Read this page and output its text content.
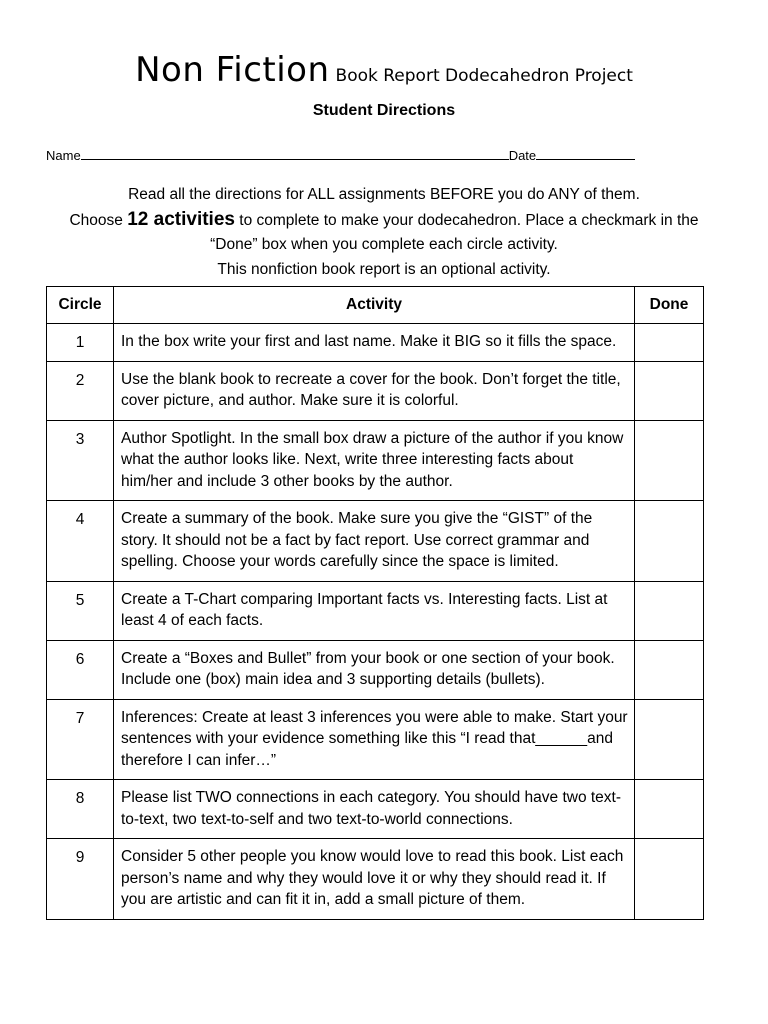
Non Fiction Book Report Dodecahedron Project
Student Directions
Name	Date
Read all the directions for ALL assignments BEFORE you do ANY of them.
Choose 12 activities to complete to make your dodecahedron. Place a checkmark in the
“Done” box when you complete each circle activity.
This nonfiction book report is an optional activity.
Circle	Activity	Done
1	In the box write your first and last name. Make it BIG so it fills the space.	
2	Use the blank book to recreate a cover for the book. Don’t forget the title, cover picture, and author. Make sure it is colorful.	
3	Author Spotlight. In the small box draw a picture of the author if you know what the author looks like. Next, write three interesting facts about him/her and include 3 other books by the author.	
4	Create a summary of the book. Make sure you give the “GIST” of the story. It should not be a fact by fact report. Use correct grammar and spelling. Choose your words carefully since the space is limited.	
5	Create a T-Chart comparing Important facts vs. Interesting facts. List at least 4 of each facts.	
6	Create a “Boxes and Bullet” from your book or one section of your book. Include one (box) main idea and 3 supporting details (bullets).	
7	Inferences: Create at least 3 inferences you were able to make. Start your sentences with your evidence something like this “I read that______and therefore I can infer…”	
8	Please list TWO connections in each category. You should have two text-to-text, two text-to-self and two text-to-world connections.	
9	Consider 5 other people you know would love to read this book. List each person’s name and why they would love it or why they should read it. If you are artistic and can fit it in, add a small picture of them.	
